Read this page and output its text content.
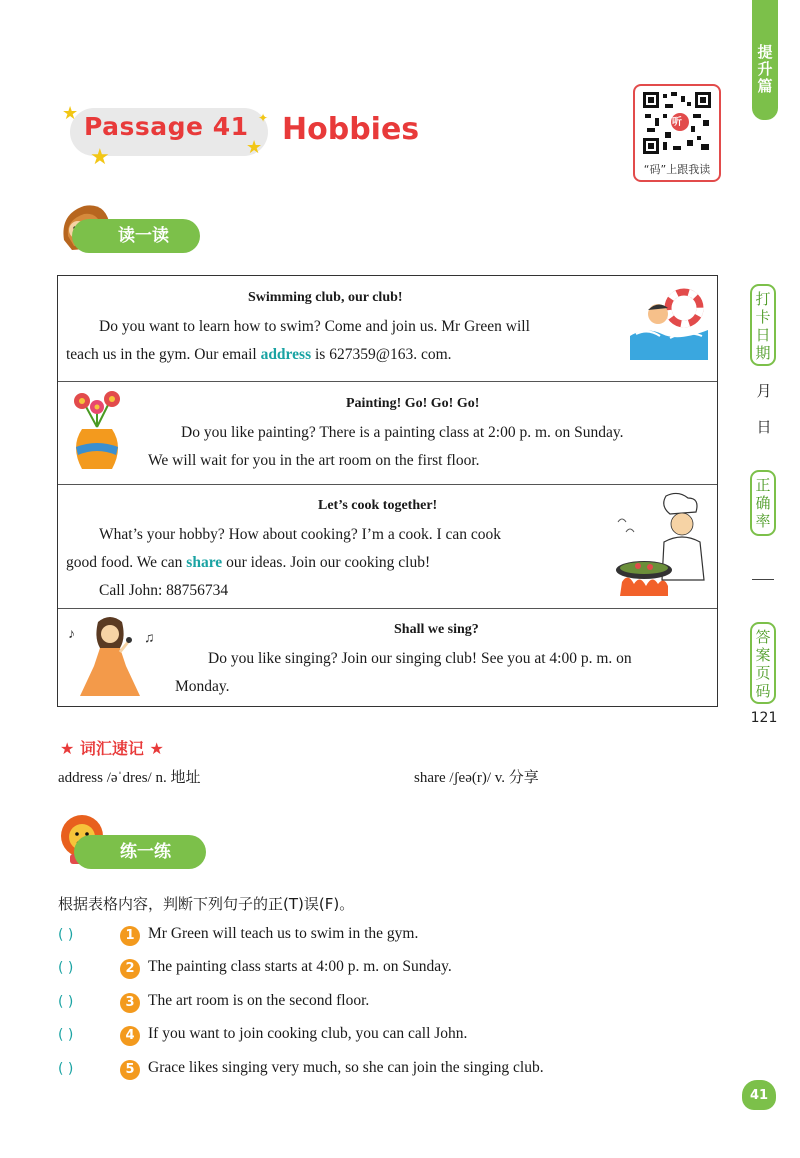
提升篇
打卡日期
月
日
正确率
答案页码
121
★
★	★
✦
Passage 41 Hobbies	听
“码”上跟我读
读一读
Swimming club, our club!

Do you want to learn how to swim? Come and join us. Mr Green will

teach us in the gym. Our email address is 627359@163. com.

Painting! Go! Go! Go!

Do you like painting? There is a painting class at 2:00 p. m. on Sunday.

We will wait for you in the art room on the first floor.

Let’s cook together!

What’s your hobby? How about cooking? I’m a cook. I can cook

good food. We can share our ideas. Join our cooking club!

Call John: 88756734

Shall we sing?

Do you like singing? Join our singing club! See you at 4:00 p. m. on

Monday.

♪	♫
★ 词汇速记 ★
address /əˈdres/ n. 地址	share /ʃeə(r)/ v. 分享
练一练
根据表格内容，判断下列句子的正(T)误(F)。
( )	1 Mr Green will teach us to swim in the gym.
( )	2 The painting class starts at 4:00 p. m. on Sunday.
( )	3 The art room is on the second floor.
( )	4 If you want to join cooking club, you can call John.
( )	5 Grace likes singing very much, so she can join the singing club.
41
